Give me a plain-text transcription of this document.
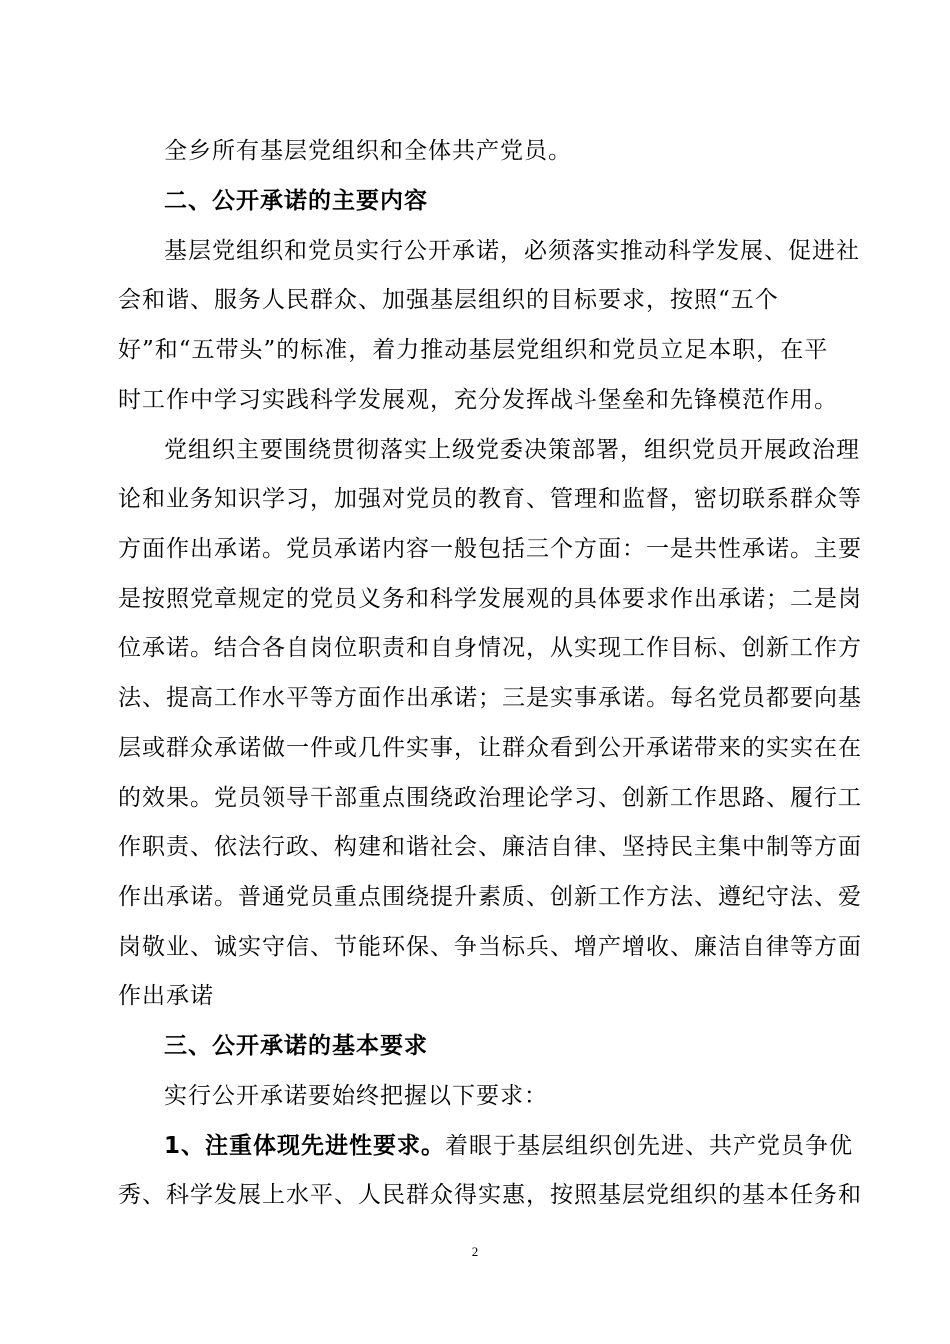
全乡所有基层党组织和全体共产党员。
二、公开承诺的主要内容
基层党组织和党员实行公开承诺，必须落实推动科学发展、促进社
会和谐、服务人民群众、加强基层组织的目标要求，按照“五个
好”和“五带头”的标准，着力推动基层党组织和党员立足本职，在平
时工作中学习实践科学发展观，充分发挥战斗堡垒和先锋模范作用。
党组织主要围绕贯彻落实上级党委决策部署，组织党员开展政治理
论和业务知识学习，加强对党员的教育、管理和监督，密切联系群众等
方面作出承诺。党员承诺内容一般包括三个方面：一是共性承诺。主要
是按照党章规定的党员义务和科学发展观的具体要求作出承诺；二是岗
位承诺。结合各自岗位职责和自身情况，从实现工作目标、创新工作方
法、提高工作水平等方面作出承诺；三是实事承诺。每名党员都要向基
层或群众承诺做一件或几件实事，让群众看到公开承诺带来的实实在在
的效果。党员领导干部重点围绕政治理论学习、创新工作思路、履行工
作职责、依法行政、构建和谐社会、廉洁自律、坚持民主集中制等方面
作出承诺。普通党员重点围绕提升素质、创新工作方法、遵纪守法、爱
岗敬业、诚实守信、节能环保、争当标兵、增产增收、廉洁自律等方面
作出承诺
三、公开承诺的基本要求
实行公开承诺要始终把握以下要求：
1、注重体现先进性要求。着眼于基层组织创先进、共产党员争优
秀、科学发展上水平、人民群众得实惠，按照基层党组织的基本任务和
2
